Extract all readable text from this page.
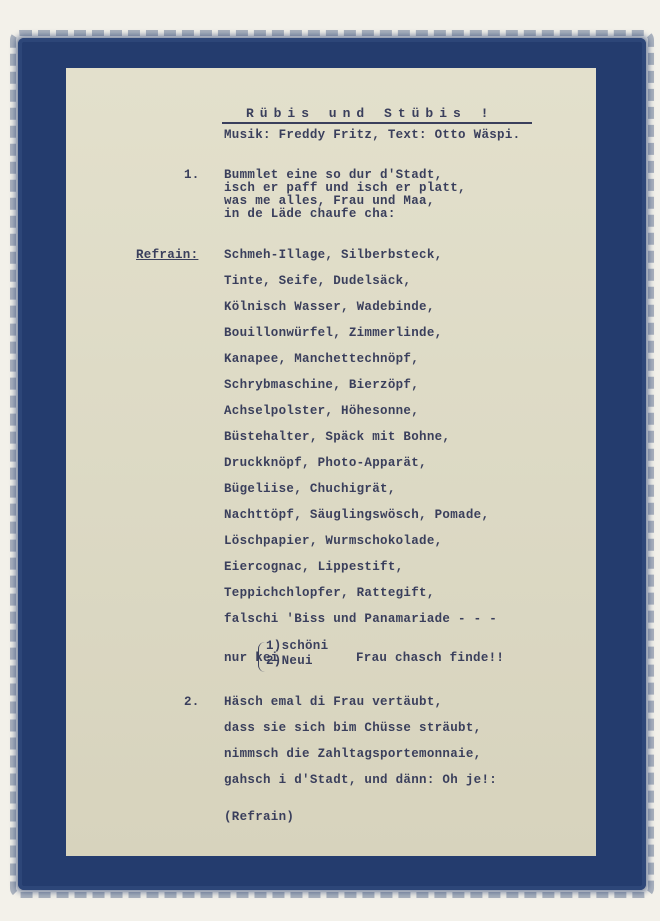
Rübis und Stübis !
Musik: Freddy Fritz, Text: Otto Wäspi.
1. Bummlet eine so dur d'Stadt,
isch er paff und isch er platt,
was me alles, Frau und Maa,
in de Läde chaufe cha:
Refrain: Schmeh-Illage, Silberbsteck,
Tinte, Seife, Dudelsäck,
Kölnisch Wasser, Wadebinde,
Bouillonwürfel, Zimmerlinde,
Kanapee, Manchettechnöpf,
Schrybmaschine, Bierzöpf,
Achselpolster, Höhesonne,
Büstehalter, Späck mit Bohne,
Druckknöpf, Photo-Apparät,
Bügeliise, Chuchigrät,
Nachttöpf, Säuglingswösch, Pomade,
Löschpapier, Wurmschokolade,
Eiercognac, Lippestift,
Teppichchlopfer, Rattegift,
falschi 'Biss und Panamariade - - -
nur kei
1)schöni
2)Neui	Frau chasch finde!!
2. Häsch emal di Frau vertäubt,
dass sie sich bim Chüsse sträubt,
nimmsch die Zahltagsportemonnaie,
gahsch i d'Stadt, und dänn: Oh je!:
(Refrain)
